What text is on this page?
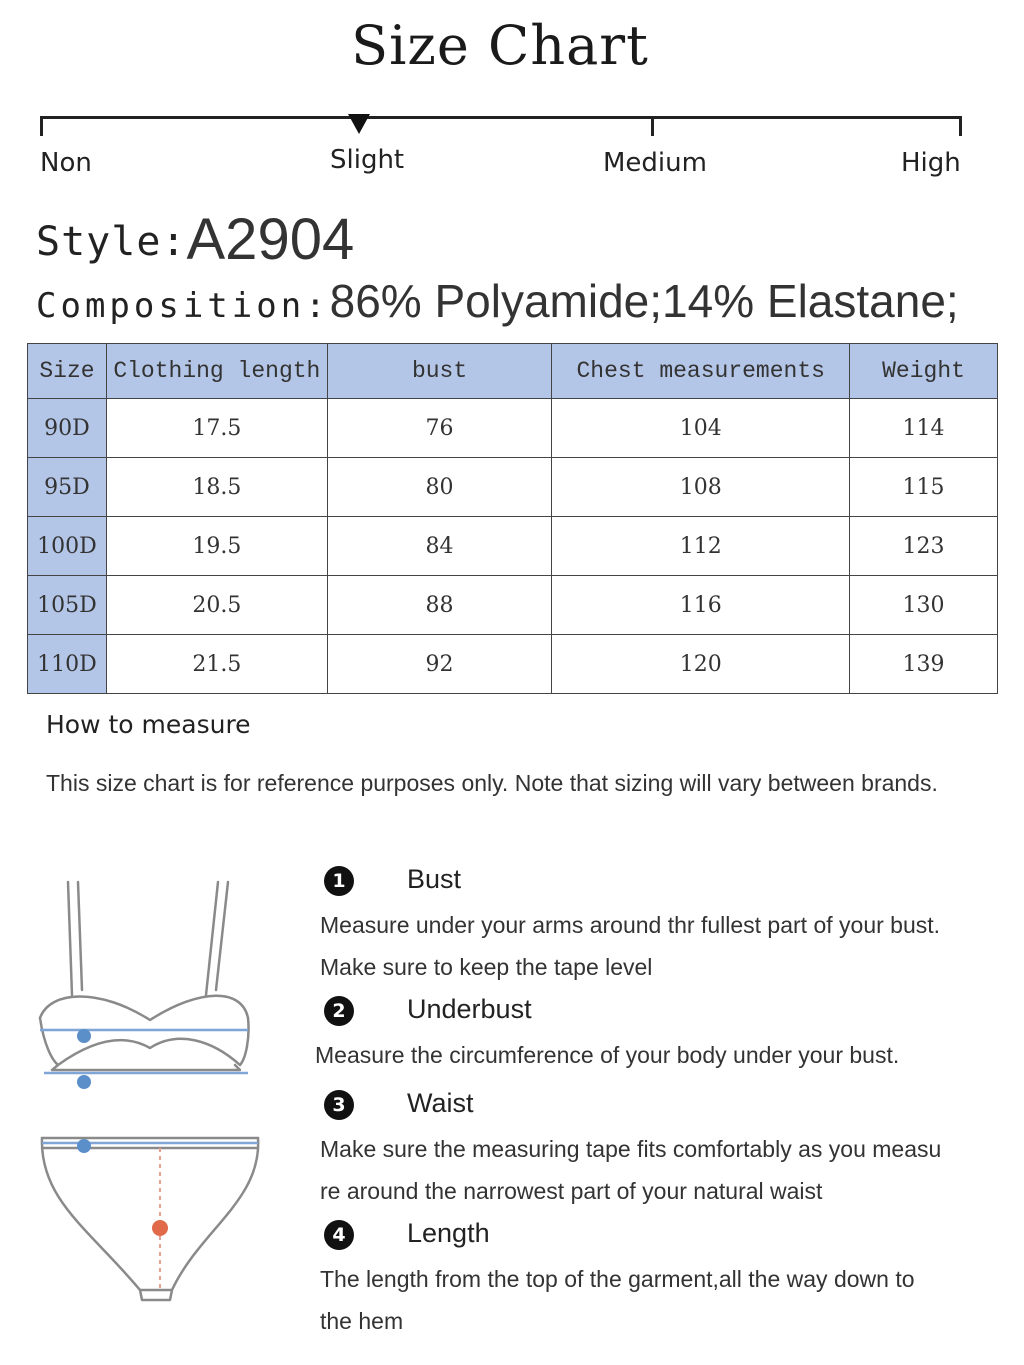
Size Chart
Non	Slight	Medium	High
Style:A2904
Composition:86% Polyamide;14% Elastane;
Size	Clothing length	bust	Chest measurements	Weight
90D	17.5	76	104	114
95D	18.5	80	108	115
100D	19.5	84	112	123
105D	20.5	88	116	130
110D	21.5	92	120	139
How to measure
This size chart is for reference purposes only. Note that sizing will vary between brands.
1	Bust
Measure under your arms around thr fullest part of your bust.
Make sure to keep the tape level
2	Underbust
Measure the circumference of your body under your bust.
3	Waist
Make sure the measuring tape fits comfortably as you measu
re around the narrowest part of your natural waist
4	Length
The length from the top of the garment,all the way down to
the hem
